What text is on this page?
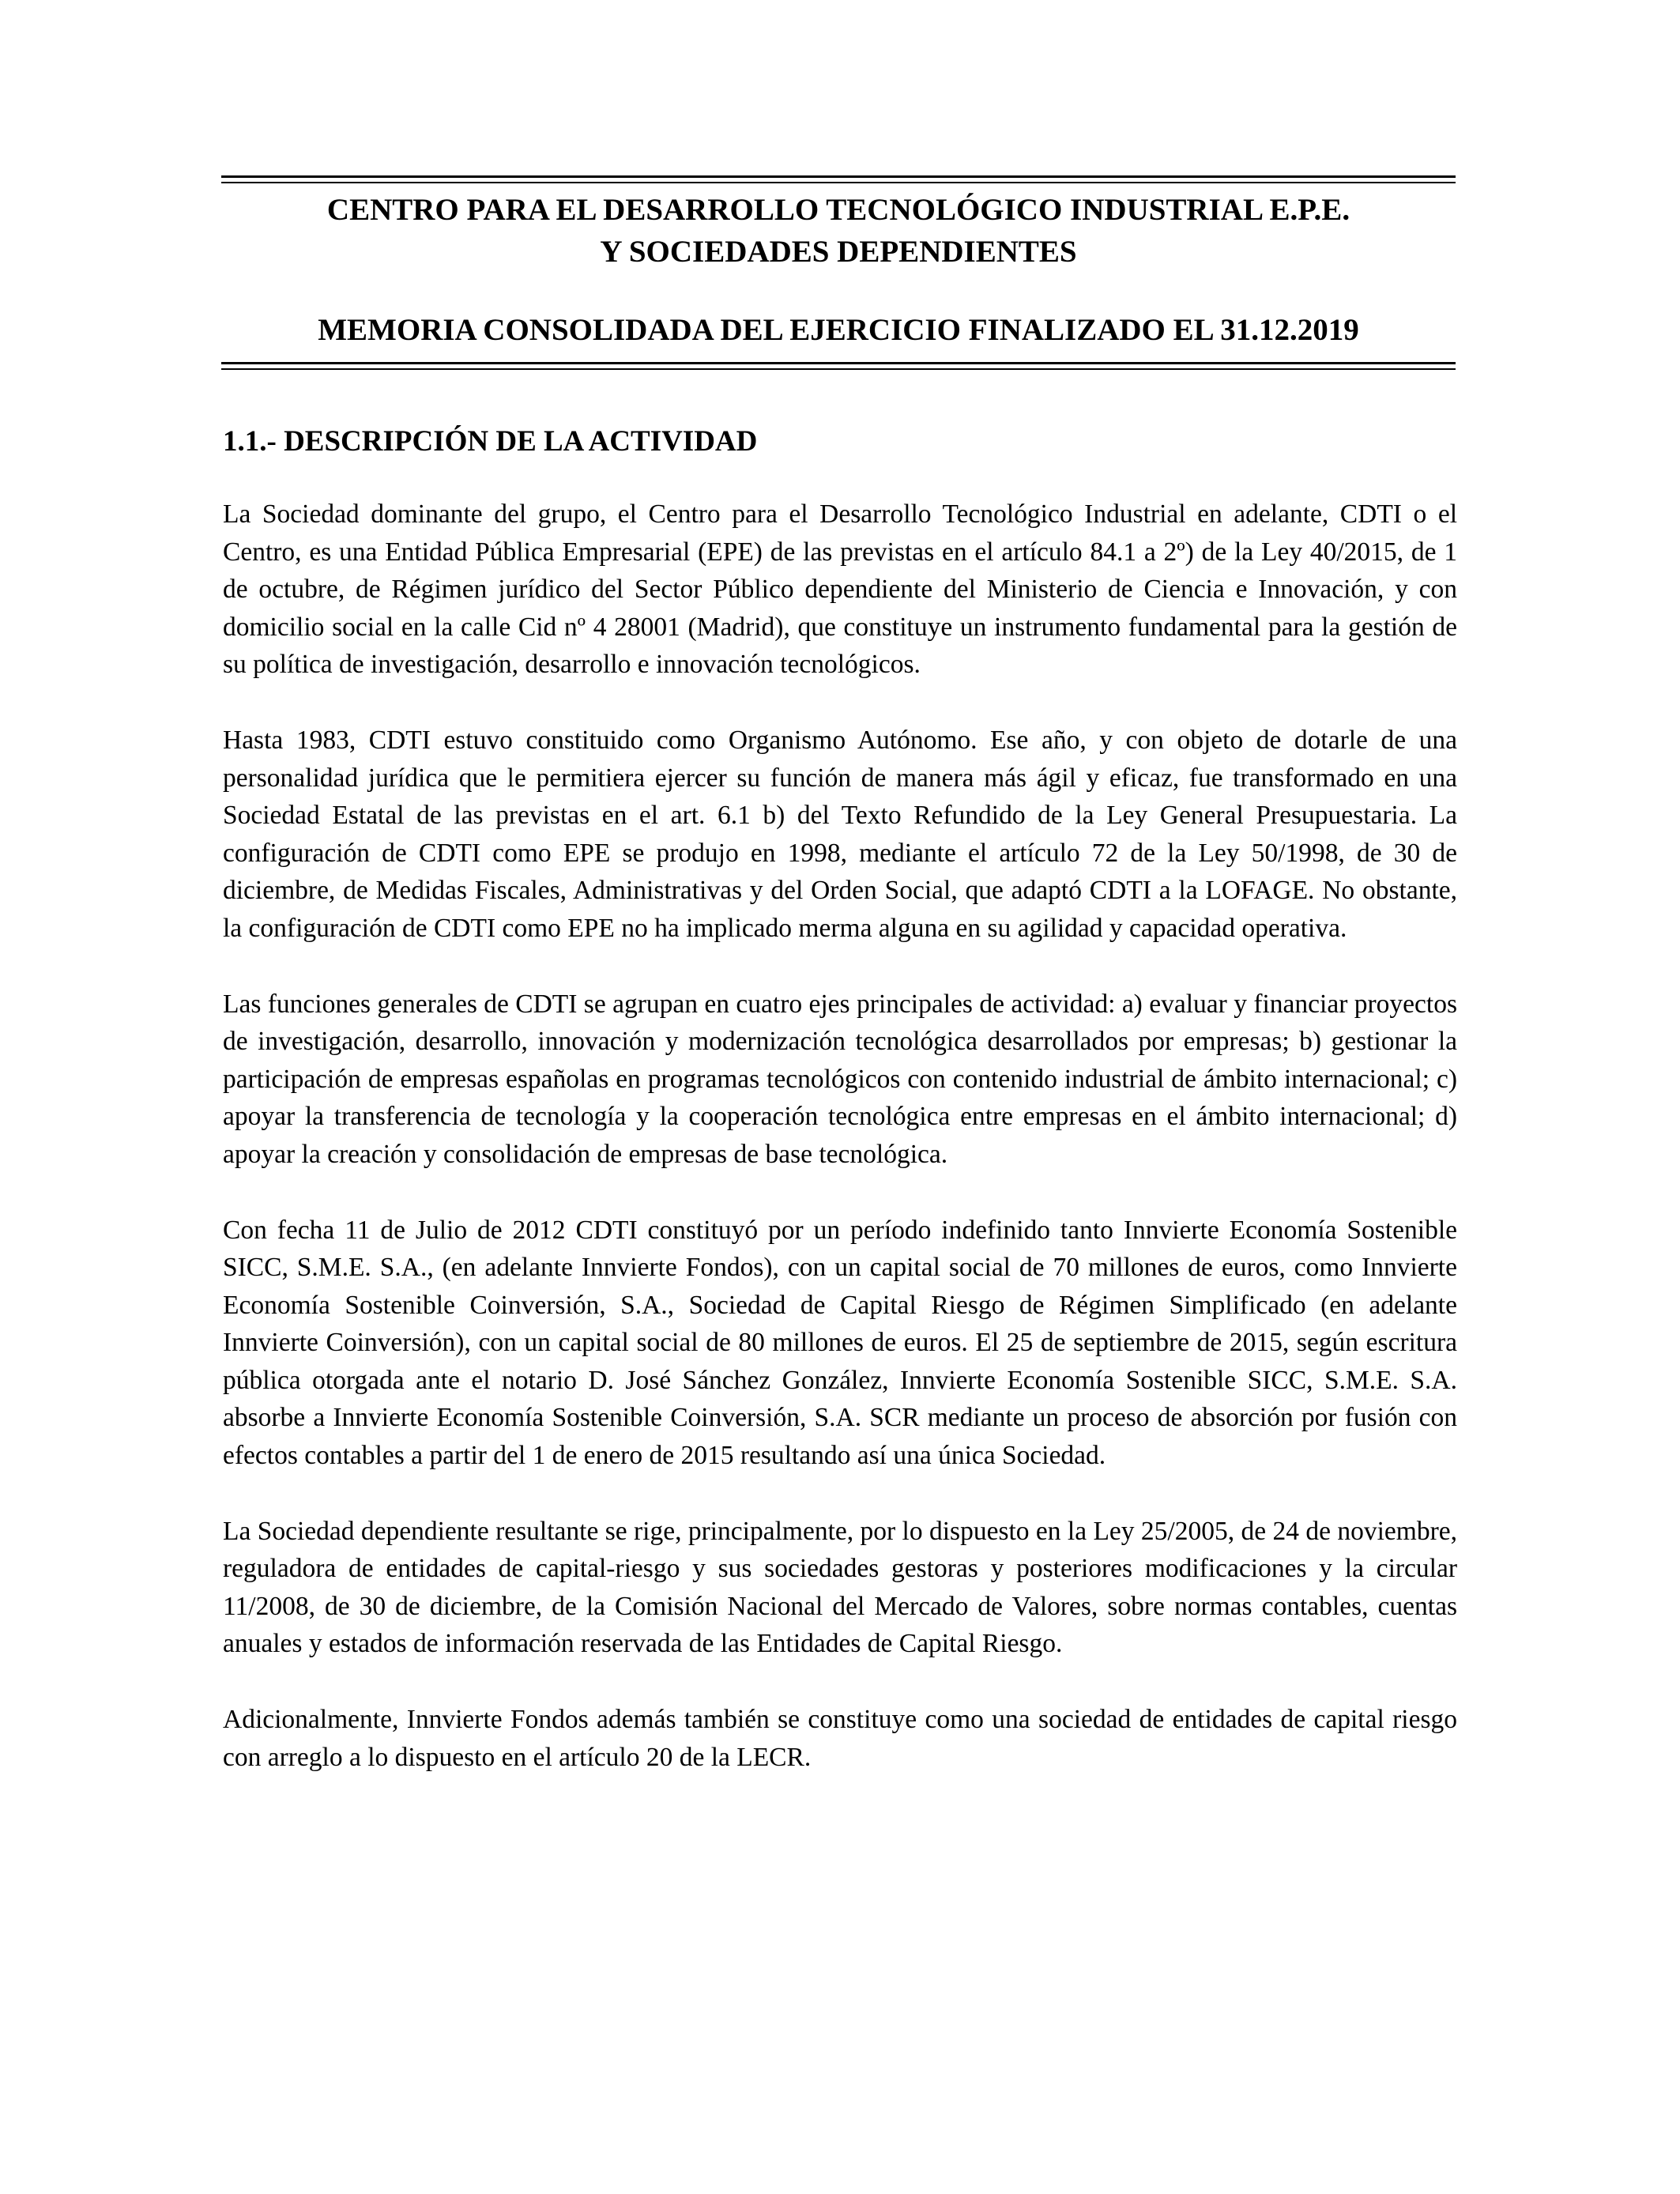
CENTRO PARA EL DESARROLLO TECNOLÓGICO INDUSTRIAL E.P.E.
Y SOCIEDADES DEPENDIENTES
MEMORIA CONSOLIDADA DEL EJERCICIO FINALIZADO EL 31.12.2019
1.1.- DESCRIPCIÓN DE LA ACTIVIDAD

La Sociedad dominante del grupo, el Centro para el Desarrollo Tecnológico Industrial en adelante, CDTI o el Centro, es una Entidad Pública Empresarial (EPE) de las previstas en el artículo 84.1 a 2º) de la Ley 40/2015, de 1 de octubre, de Régimen jurídico del Sector Público dependiente del Ministerio de Ciencia e Innovación, y con domicilio social en la calle Cid nº 4 28001 (Madrid), que constituye un instrumento fundamental para la gestión de su política de investigación, desarrollo e innovación tecnológicos.

Hasta 1983, CDTI estuvo constituido como Organismo Autónomo. Ese año, y con objeto de dotarle de una personalidad jurídica que le permitiera ejercer su función de manera más ágil y eficaz, fue transformado en una Sociedad Estatal de las previstas en el art. 6.1 b) del Texto Refundido de la Ley General Presupuestaria. La configuración de CDTI como EPE se produjo en 1998, mediante el artículo 72 de la Ley 50/1998, de 30 de diciembre, de Medidas Fiscales, Administrativas y del Orden Social, que adaptó CDTI a la LOFAGE. No obstante, la configuración de CDTI como EPE no ha implicado merma alguna en su agilidad y capacidad operativa.

Las funciones generales de CDTI se agrupan en cuatro ejes principales de actividad: a) evaluar y financiar proyectos de investigación, desarrollo, innovación y modernización tecnológica desarrollados por empresas; b) gestionar la participación de empresas españolas en programas tecnológicos con contenido industrial de ámbito internacional; c) apoyar la transferencia de tecnología y la cooperación tecnológica entre empresas en el ámbito internacional; d) apoyar la creación y consolidación de empresas de base tecnológica.

Con fecha 11 de Julio de 2012 CDTI constituyó por un período indefinido tanto Innvierte Economía Sostenible SICC, S.M.E. S.A., (en adelante Innvierte Fondos), con un capital social de 70 millones de euros, como Innvierte Economía Sostenible Coinversión, S.A., Sociedad de Capital Riesgo de Régimen Simplificado (en adelante Innvierte Coinversión), con un capital social de 80 millones de euros. El 25 de septiembre de 2015, según escritura pública otorgada ante el notario D. José Sánchez González, Innvierte Economía Sostenible SICC, S.M.E. S.A. absorbe a Innvierte Economía Sostenible Coinversión, S.A. SCR mediante un proceso de absorción por fusión con efectos contables a partir del 1 de enero de 2015 resultando así una única Sociedad.

La Sociedad dependiente resultante se rige, principalmente, por lo dispuesto en la Ley 25/2005, de 24 de noviembre, reguladora de entidades de capital-riesgo y sus sociedades gestoras y posteriores modificaciones y la circular 11/2008, de 30 de diciembre, de la Comisión Nacional del Mercado de Valores, sobre normas contables, cuentas anuales y estados de información reservada de las Entidades de Capital Riesgo.

Adicionalmente, Innvierte Fondos además también se constituye como una sociedad de entidades de capital riesgo con arreglo a lo dispuesto en el artículo 20 de la LECR.
